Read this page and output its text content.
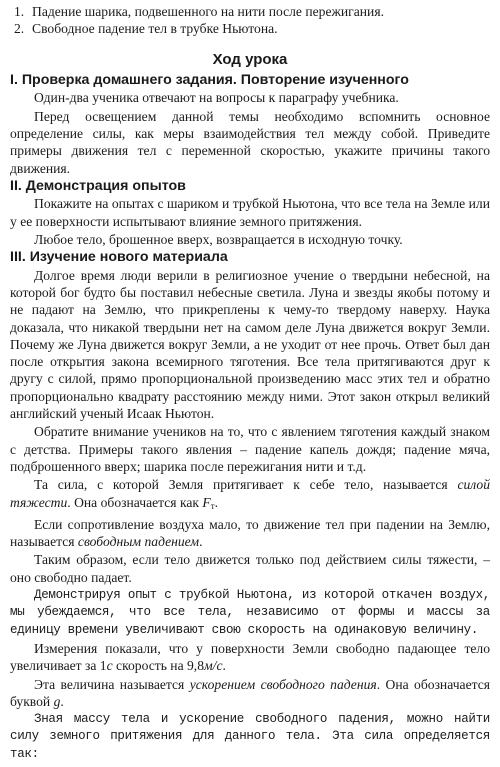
1. Падение шарика, подвешенного на нити после пережигания.
2. Свободное падение тел в трубке Ньютона.
Ход урока
I. Проверка домашнего задания. Повторение изученного

Один-два ученика отвечают на вопросы к параграфу учебника.

Перед освещением данной темы необходимо вспомнить основное определение силы, как меры взаимодействия тел между собой. Приведите примеры движения тел с переменной скоростью, укажите причины такого движения.

II. Демонстрация опытов

Покажите на опытах с шариком и трубкой Ньютона, что все тела на Земле или у ее поверхности испытывают влияние земного притяжения.

Любое тело, брошенное вверх, возвращается в исходную точку.

III. Изучение нового материала

Долгое время люди верили в религиозное учение о твердыни небесной, на которой бог будто бы поставил небесные светила. Луна и звезды якобы потому и не падают на Землю, что прикреплены к чему-то твердому наверху. Наука доказала, что никакой твердыни нет на самом деле Луна движется вокруг Земли. Почему же Луна движется вокруг Земли, а не уходит от нее прочь. Ответ был дан после открытия закона всемирного тяготения. Все тела притягиваются друг к другу с силой, прямо пропорциональной произведению масс этих тел и обратно пропорционально квадрату расстоянию между ними. Этот закон открыл великий английский ученый Исаак Ньютон.

Обратите внимание учеников на то, что с явлением тяготения каждый знаком с детства. Примеры такого явления – падение капель дождя; падение мяча, подброшенного вверх; шарика после пережигания нити и т.д.

Та сила, с которой Земля притягивает к себе тело, называется силой тяжести. Она обозначается как $F_т$.

Если сопротивление воздуха мало, то движение тел при падении на Землю, называется свободным падением.

Таким образом, если тело движется только под действием силы тяжести, – оно свободно падает.

Демонстрируя опыт с трубкой Ньютона, из которой откачен воздух, мы убеждаемся, что все тела, независимо от формы и массы за единицу времени увеличивают свою скорость на одинаковую величину.

Измерения показали, что у поверхности Земли свободно падающее тело увеличивает за 1с скорость на 9,8м/с.

Эта величина называется ускорением свободного падения. Она обозначается буквой g.

Зная массу тела и ускорение свободного падения, можно найти силу земного притяжения для данного тела. Эта сила определяется так:
